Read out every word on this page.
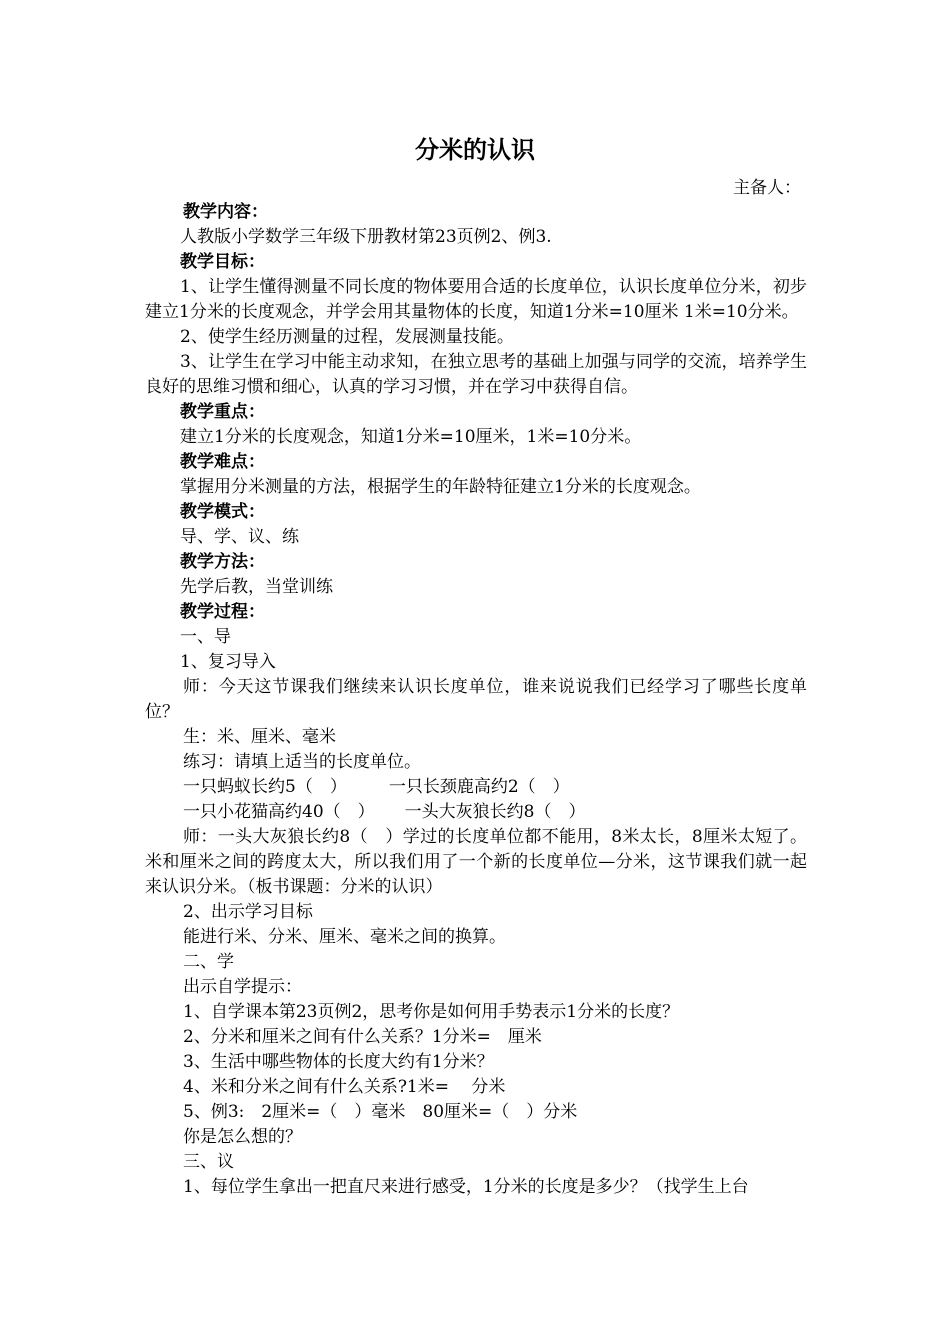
分米的认识
主备人：
教学内容：
人教版小学数学三年级下册教材第23页例2、例3.
教学目标：
1、让学生懂得测量不同长度的物体要用合适的长度单位，认识长度单位分米，初步建立1分米的长度观念，并学会用其量物体的长度，知道1分米=10厘米 1米=10分米。
2、使学生经历测量的过程，发展测量技能。
3、让学生在学习中能主动求知，在独立思考的基础上加强与同学的交流，培养学生良好的思维习惯和细心，认真的学习习惯，并在学习中获得自信。
教学重点：
建立1分米的长度观念，知道1分米=10厘米，1米=10分米。
教学难点：
掌握用分米测量的方法，根据学生的年龄特征建立1分米的长度观念。
教学模式：
导、学、议、练
教学方法：
先学后教，当堂训练
教学过程：
一、导
1、复习导入
师：今天这节课我们继续来认识长度单位，谁来说说我们已经学习了哪些长度单位？
生：米、厘米、毫米
练习：请填上适当的长度单位。
一只蚂蚁长约5（　） 一只长颈鹿高约2（　）
一只小花猫高约40（　） 一头大灰狼长约8（　）
师：一头大灰狼长约8（　）学过的长度单位都不能用，8米太长，8厘米太短了。米和厘米之间的跨度太大，所以我们用了一个新的长度单位—分米，这节课我们就一起来认识分米。（板书课题：分米的认识）
2、出示学习目标
能进行米、分米、厘米、毫米之间的换算。
二、学
出示自学提示：
1、自学课本第23页例2，思考你是如何用手势表示1分米的长度？
2、分米和厘米之间有什么关系？1分米=　厘米
3、生活中哪些物体的长度大约有1分米？
4、米和分米之间有什么关系?1米=　 分米
5、例3:　2厘米=（　）毫米　80厘米=（　）分米
你是怎么想的？
三、议
1、每位学生拿出一把直尺来进行感受，1分米的长度是多少？（找学生上台
